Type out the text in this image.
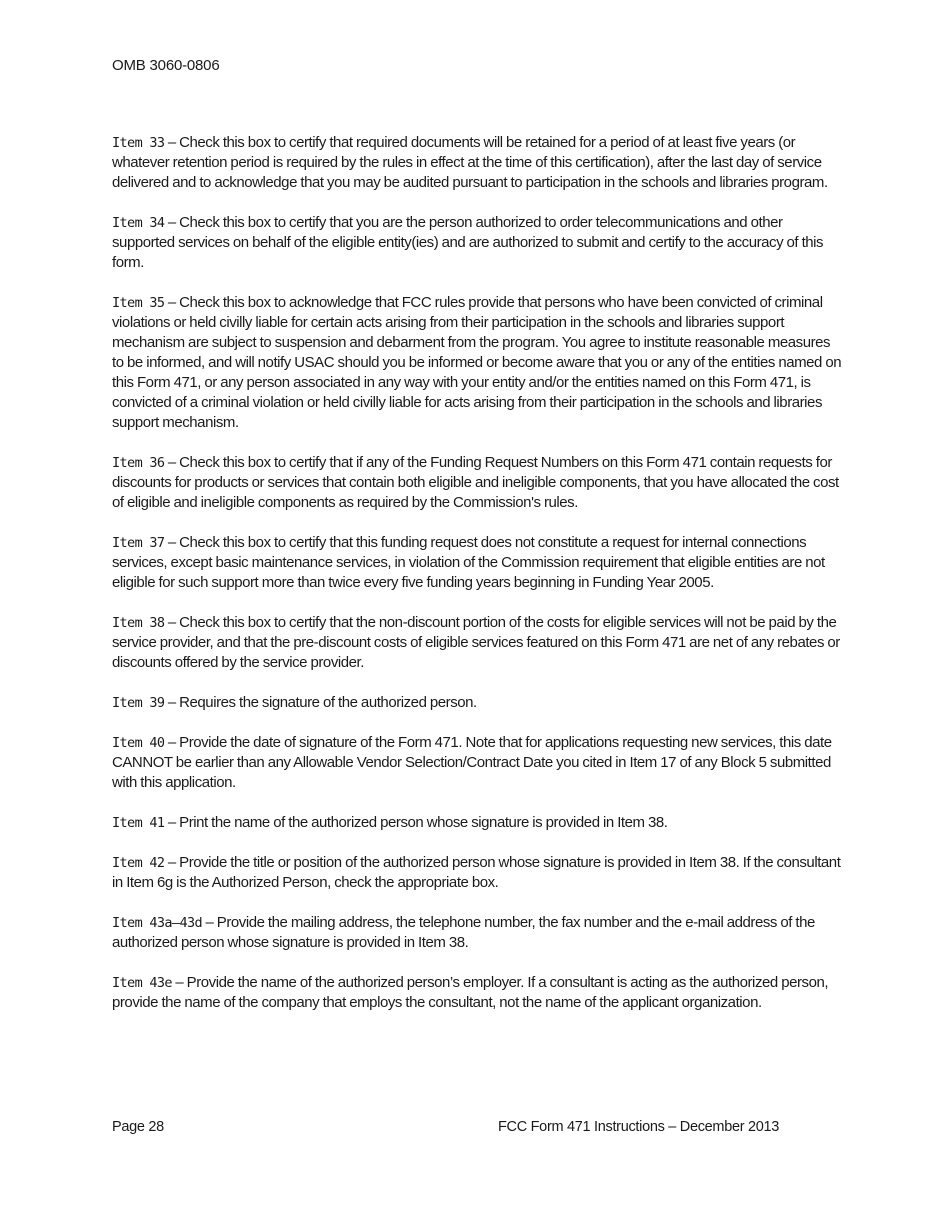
OMB 3060-0806

Item 33 – Check this box to certify that required documents will be retained for a period of at least five years (or whatever retention period is required by the rules in effect at the time of this certification), after the last day of service delivered and to acknowledge that you may be audited pursuant to participation in the schools and libraries program.

Item 34 – Check this box to certify that you are the person authorized to order telecommunications and other supported services on behalf of the eligible entity(ies) and are authorized to submit and certify to the accuracy of this form.

Item 35 – Check this box to acknowledge that FCC rules provide that persons who have been convicted of criminal violations or held civilly liable for certain acts arising from their participation in the schools and libraries support mechanism are subject to suspension and debarment from the program. You agree to institute reasonable measures to be informed, and will notify USAC should you be informed or become aware that you or any of the entities named on this Form 471, or any person associated in any way with your entity and/or the entities named on this Form 471, is convicted of a criminal violation or held civilly liable for acts arising from their participation in the schools and libraries support mechanism.

Item 36 – Check this box to certify that if any of the Funding Request Numbers on this Form 471 contain requests for discounts for products or services that contain both eligible and ineligible components, that you have allocated the cost of eligible and ineligible components as required by the Commission's rules.

Item 37 – Check this box to certify that this funding request does not constitute a request for internal connections services, except basic maintenance services, in violation of the Commission requirement that eligible entities are not eligible for such support more than twice every five funding years beginning in Funding Year 2005.

Item 38 – Check this box to certify that the non-discount portion of the costs for eligible services will not be paid by the service provider, and that the pre-discount costs of eligible services featured on this Form 471 are net of any rebates or discounts offered by the service provider.

Item 39 – Requires the signature of the authorized person.

Item 40 – Provide the date of signature of the Form 471. Note that for applications requesting new services, this date CANNOT be earlier than any Allowable Vendor Selection/Contract Date you cited in Item 17 of any Block 5 submitted with this application.

Item 41 – Print the name of the authorized person whose signature is provided in Item 38.

Item 42 – Provide the title or position of the authorized person whose signature is provided in Item 38. If the consultant in Item 6g is the Authorized Person, check the appropriate box.

Item 43a–43d – Provide the mailing address, the telephone number, the fax number and the e-mail address of the authorized person whose signature is provided in Item 38.

Item 43e – Provide the name of the authorized person’s employer. If a consultant is acting as the authorized person, provide the name of the company that employs the consultant, not the name of the applicant organization.

Page 28	FCC Form 471 Instructions – December 2013
